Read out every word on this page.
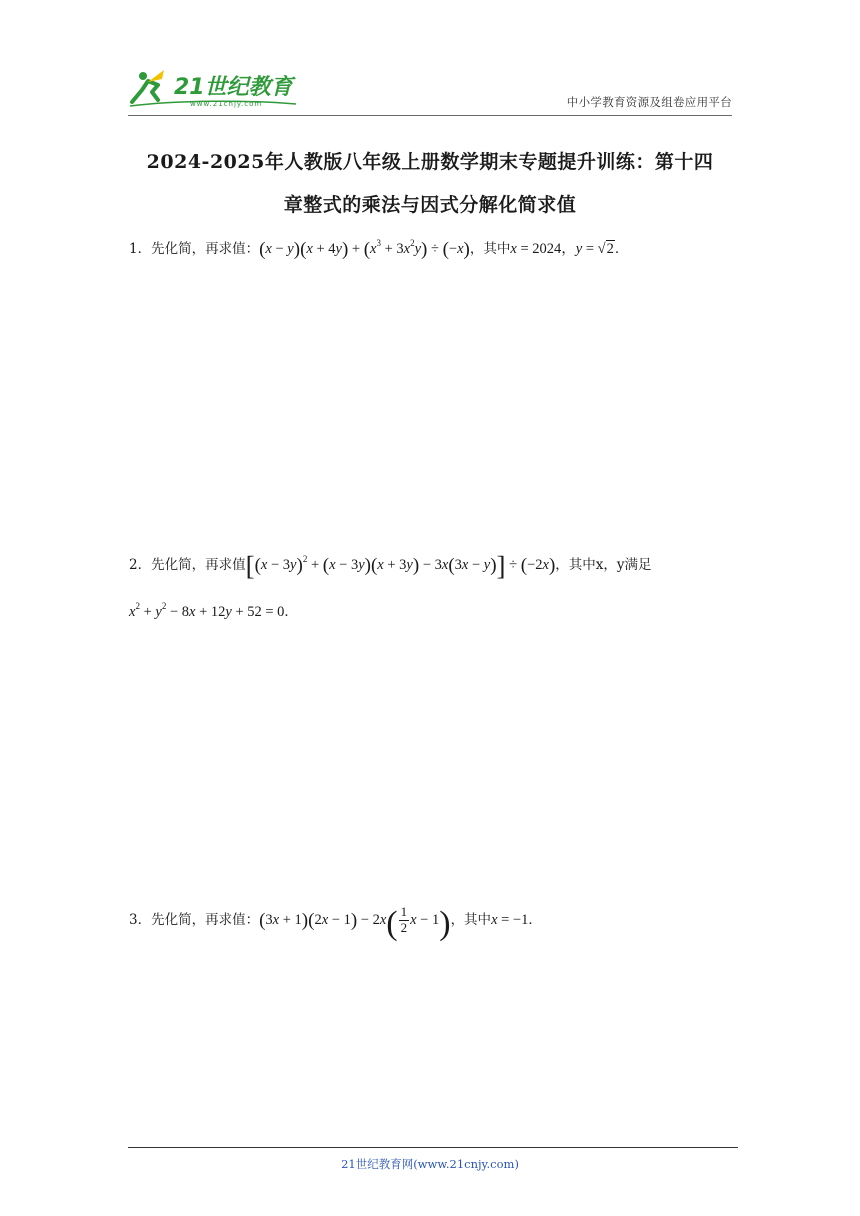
21世纪教育
www.21cnjy.com	中小学教育资源及组卷应用平台
2024-2025年人教版八年级上册数学期末专题提升训练：第十四
章整式的乘法与因式分解化简求值
1．先化简，再求值：$(x - y)(x + 4y) + (x^3 + 3x^2y) \div (-x)$，其中x = 2024，y = √2．
2．先化简，再求值$[(x - 3y)^2 + (x - 3y)(x + 3y) - 3x(3x - y)] \div (-2x)$，其中x，y满足
$x^2 + y^2 - 8x + 12y + 52 = 0$．
3．先化简，再求值：$(3x + 1)(2x - 1) - 2x( \frac{1}{2}$ x − 1)，其中x = −1．
21世纪教育网(www.21cnjy.com)
